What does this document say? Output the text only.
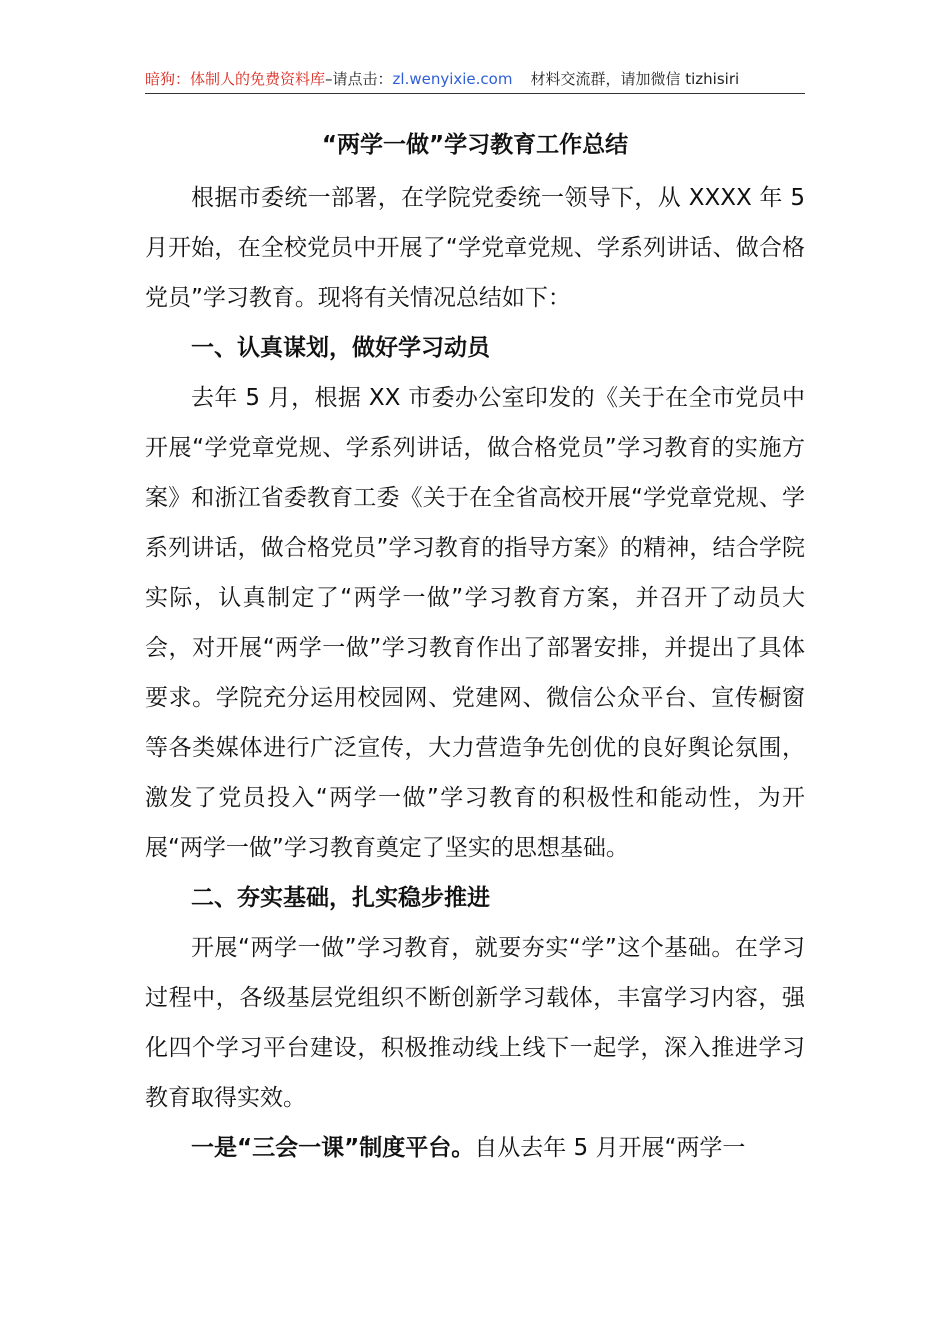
暗狗：体制人的免费资料库–请点击：zl.wenyixie.com 材料交流群，请加微信 tizhisiri
“两学一做”学习教育工作总结

根据市委统一部署，在学院党委统一领导下，从 XXXX 年 5 月开始，在全校党员中开展了“学党章党规、学系列讲话、做合格党员”学习教育。现将有关情况总结如下：

一、认真谋划，做好学习动员

去年 5 月，根据 XX 市委办公室印发的《关于在全市党员中开展“学党章党规、学系列讲话，做合格党员”学习教育的实施方案》和浙江省委教育工委《关于在全省高校开展“学党章党规、学系列讲话，做合格党员”学习教育的指导方案》的精神，结合学院实际，认真制定了“两学一做”学习教育方案，并召开了动员大会，对开展“两学一做”学习教育作出了部署安排，并提出了具体要求。学院充分运用校园网、党建网、微信公众平台、宣传橱窗等各类媒体进行广泛宣传，大力营造争先创优的良好舆论氛围，激发了党员投入“两学一做”学习教育的积极性和能动性，为开展“两学一做”学习教育奠定了坚实的思想基础。

二、夯实基础，扎实稳步推进

开展“两学一做”学习教育，就要夯实“学”这个基础。在学习过程中，各级基层党组织不断创新学习载体，丰富学习内容，强化四个学习平台建设，积极推动线上线下一起学，深入推进学习教育取得实效。

一是“三会一课”制度平台。自从去年 5 月开展“两学一
